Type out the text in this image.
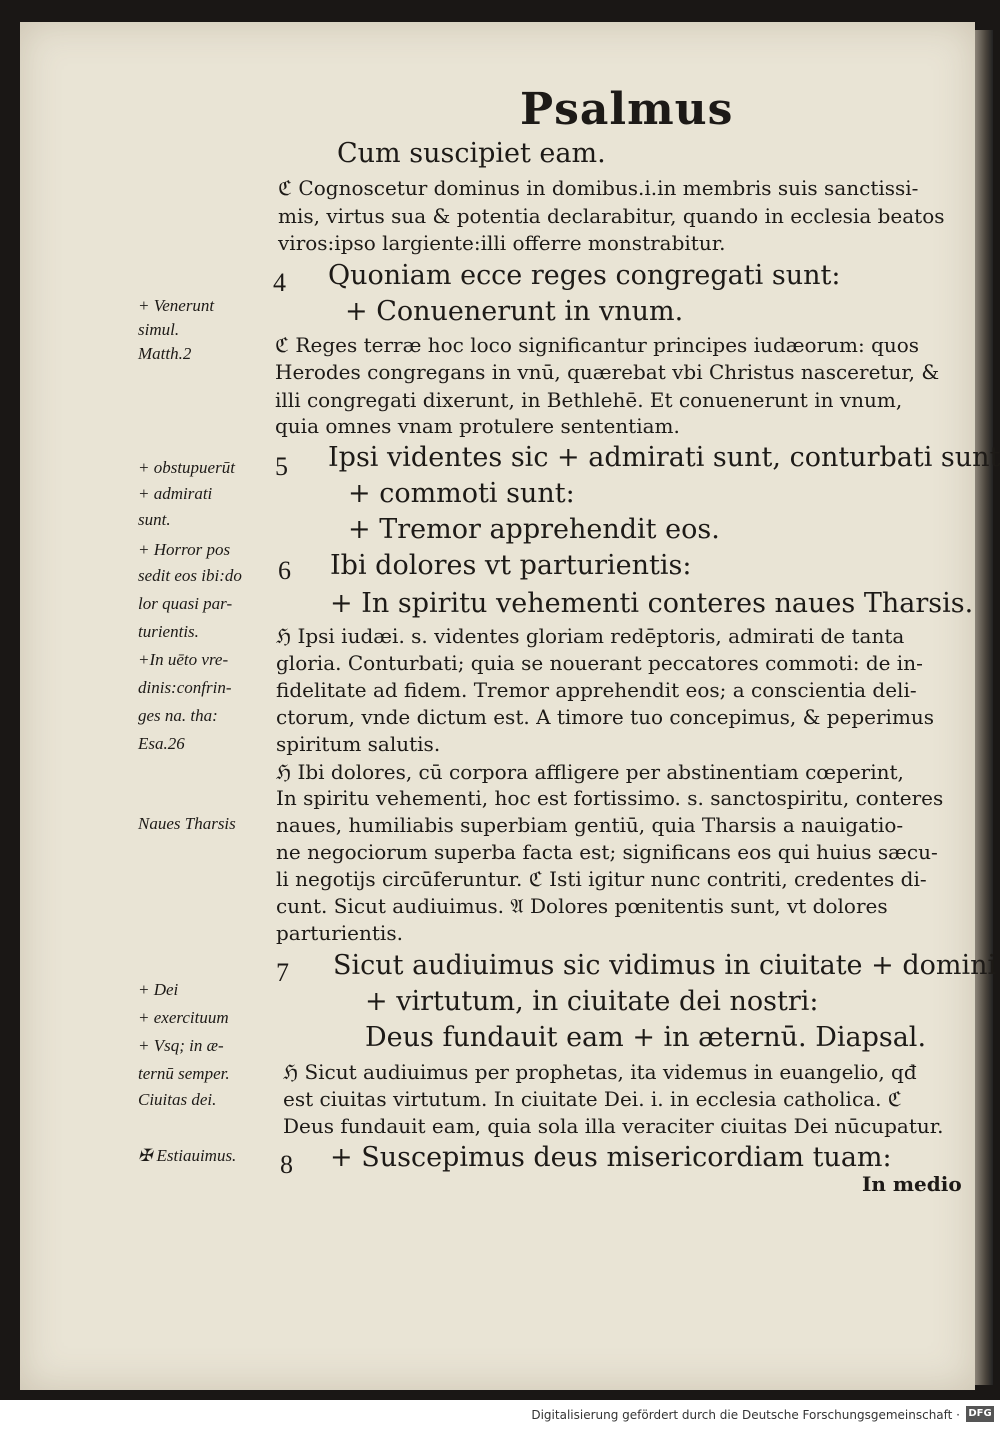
Psalmus
Cum suscipiet eam.
ℭ Cognoscetur dominus in domibus.i.in membris suis sanctissi-
mis, virtus sua & potentia declarabitur, quando in ecclesia beatos
viros:ipso largiente:illi offerre monstrabitur.
4 Quoniam ecce reges congregati sunt:
+ Conuenerunt in vnum.
ℭ Reges terræ hoc loco significantur principes iudæorum: quos
Herodes congregans in vnū, quærebat vbi Christus nasceretur, &
illi congregati dixerunt, in Bethlehē. Et conuenerunt in vnum,
quia omnes vnam protulere sententiam.
5 Ipsi videntes sic + admirati sunt, conturbati sunt
+ commoti sunt:
+ Tremor apprehendit eos.
6 Ibi dolores vt parturientis:
+ In spiritu vehementi conteres naues Tharsis.
ℌ Ipsi iudæi. s. videntes gloriam redēptoris, admirati de tanta
gloria. Conturbati; quia se nouerant peccatores commoti: de in-
fidelitate ad fidem. Tremor apprehendit eos; a conscientia deli-
ctorum, vnde dictum est. A timore tuo concepimus, & peperimus
spiritum salutis.
ℌ Ibi dolores, cū corpora affligere per abstinentiam cœperint,
In spiritu vehementi, hoc est fortissimo. s. sanctospiritu, conteres
naues, humiliabis superbiam gentiū, quia Tharsis a nauigatio-
ne negociorum superba facta est; significans eos qui huius sæcu-
li negotijs circūferuntur. ℭ Isti igitur nunc contriti, credentes di-
cunt. Sicut audiuimus. 𝔄 Dolores pœnitentis sunt, vt dolores
parturientis.
7 Sicut audiuimus sic vidimus in ciuitate + domini
+ virtutum, in ciuitate dei nostri:
Deus fundauit eam + in æternū. Diapsal.
ℌ Sicut audiuimus per prophetas, ita videmus in euangelio, qđ
est ciuitas virtutum. In ciuitate Dei. i. in ecclesia catholica. ℭ
Deus fundauit eam, quia sola illa veraciter ciuitas Dei nūcupatur.
8 + Suscepimus deus misericordiam tuam:
In medio
+ Venerunt
simul.
Matth.2
+ obstupuerūt
+ admirati
sunt.
+ Horror pos
sedit eos ibi:do
lor quasi par-
turientis.
+In uēto vre-
dinis:confrin-
ges na. tha:
Esa.26
Naues Tharsis
+ Dei
+ exercituum
+ Vsq; in æ-
ternū semper.
Ciuitas dei.
✠ Estiauimus.
Digitalisierung gefördert durch die Deutsche Forschungsgemeinschaft · DFG
